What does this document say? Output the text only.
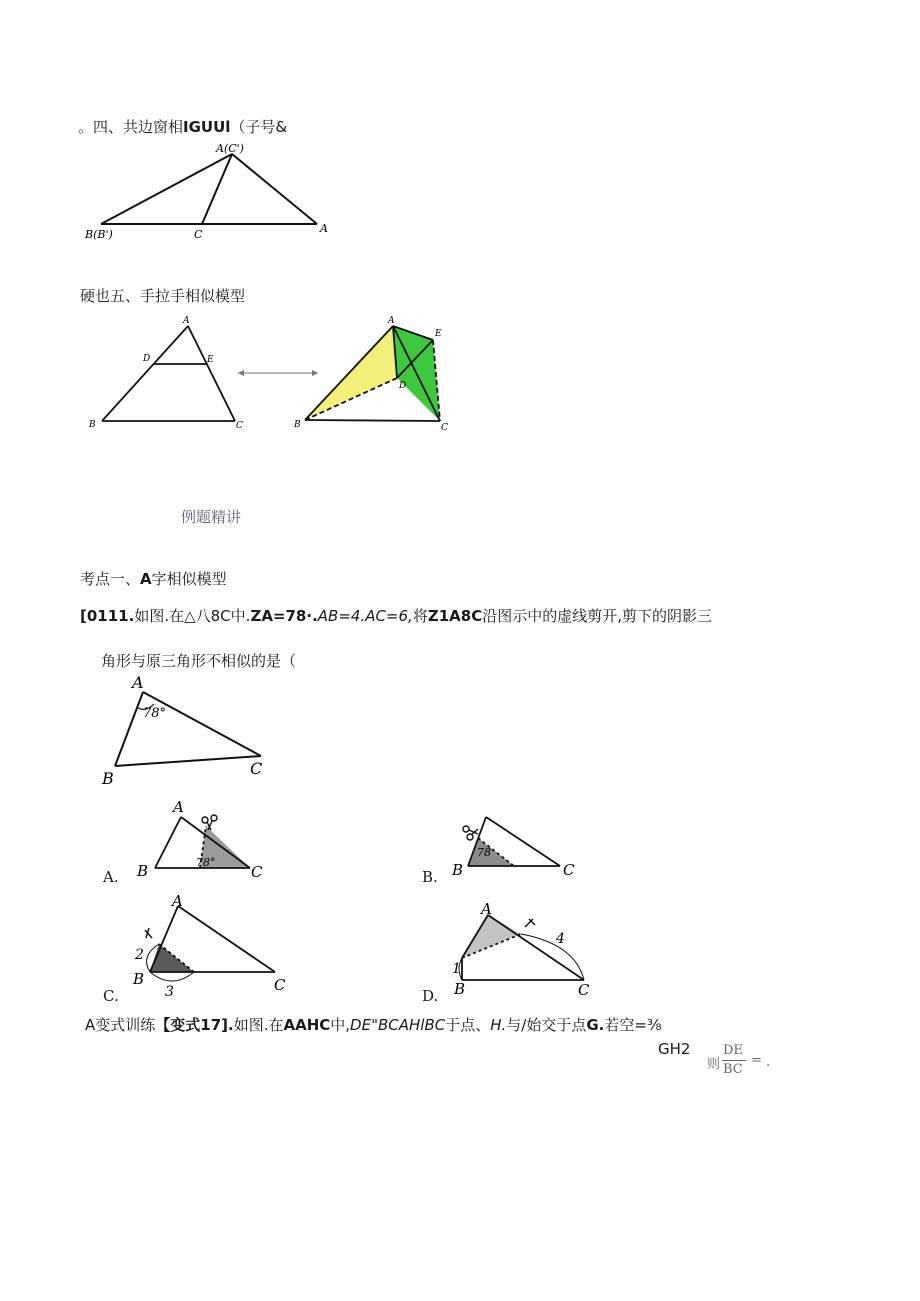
。四、共边窗相IGUUl（子号&
A(C')
B(B')	C	A
硬也五、手拉手相似模型
A
D	E
B	C
A
E
D
B	C
例题精讲
考点一、A字相似模型
[0111.如图.在△八8C中.ZA=78·.AB=4.AC=6,将Z1A8C沿图示中的虚线剪开,剪下的阴影三
角形与原三角形不相似的是（
A
78°
B
C
A.
A
78°
B	C	B.
78
B	C
C.
A
2
B
3	C
D.
A
4
1
B	C
A变式训练【变式17].如图.在AAHC中,DE"BCAHlBC于点、H.与/始交于点G.若空=⅜
GH2
则
DE
BC
= .
